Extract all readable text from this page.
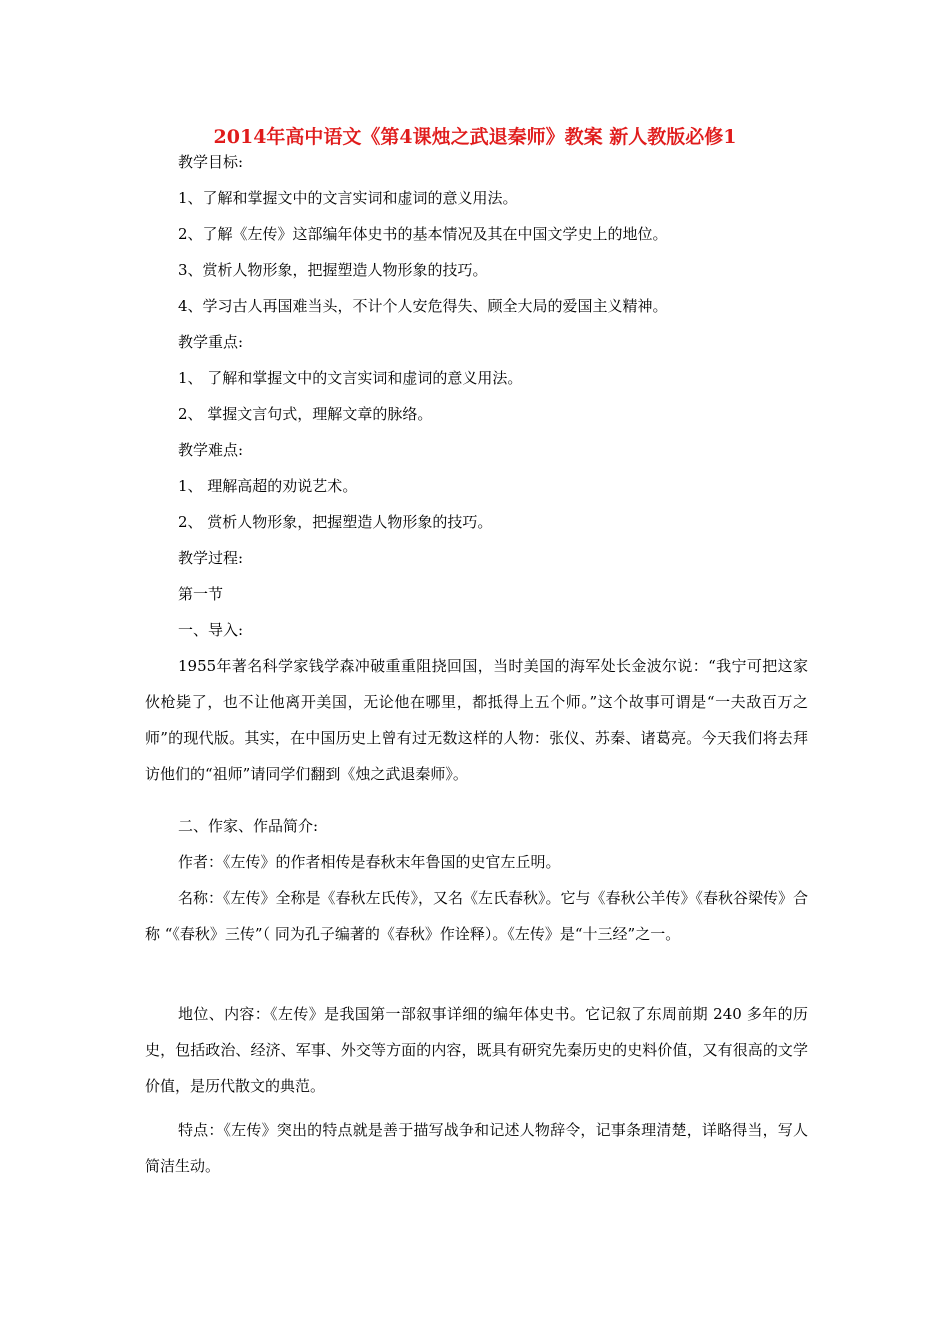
2014年高中语文《第4课烛之武退秦师》教案 新人教版必修1
教学目标:
1、了解和掌握文中的文言实词和虚词的意义用法。
2、了解《左传》这部编年体史书的基本情况及其在中国文学史上的地位。
3、赏析人物形象，把握塑造人物形象的技巧。
4、学习古人再国难当头，不计个人安危得失、顾全大局的爱国主义精神。
教学重点:
1、 了解和掌握文中的文言实词和虚词的意义用法。
2、 掌握文言句式，理解文章的脉络。
教学难点:
1、 理解高超的劝说艺术。
2、 赏析人物形象，把握塑造人物形象的技巧。
教学过程:
第一节
一、导入:
1955年著名科学家钱学森冲破重重阻挠回国，当时美国的海军处长金波尔说：“我宁可把这家伙枪毙了，也不让他离开美国，无论他在哪里，都抵得上五个师。”这个故事可谓是“一夫敌百万之师”的现代版。其实，在中国历史上曾有过无数这样的人物：张仪、苏秦、诸葛亮。今天我们将去拜访他们的“祖师”请同学们翻到《烛之武退秦师》。
二、作家、作品简介:
作者：《左传》的作者相传是春秋末年鲁国的史官左丘明。
名称：《左传》全称是《春秋左氏传》，又名《左氏春秋》。它与《春秋公羊传》《春秋谷梁传》合称 “《春秋》三传”（ 同为孔子编著的《春秋》作诠释）。《左传》是“十三经”之一。
地位、内容：《左传》是我国第一部叙事详细的编年体史书。它记叙了东周前期 240 多年的历史，包括政治、经济、军事、外交等方面的内容，既具有研究先秦历史的史料价值，又有很高的文学价值，是历代散文的典范。
特点：《左传》突出的特点就是善于描写战争和记述人物辞令，记事条理清楚，详略得当，写人简洁生动。
